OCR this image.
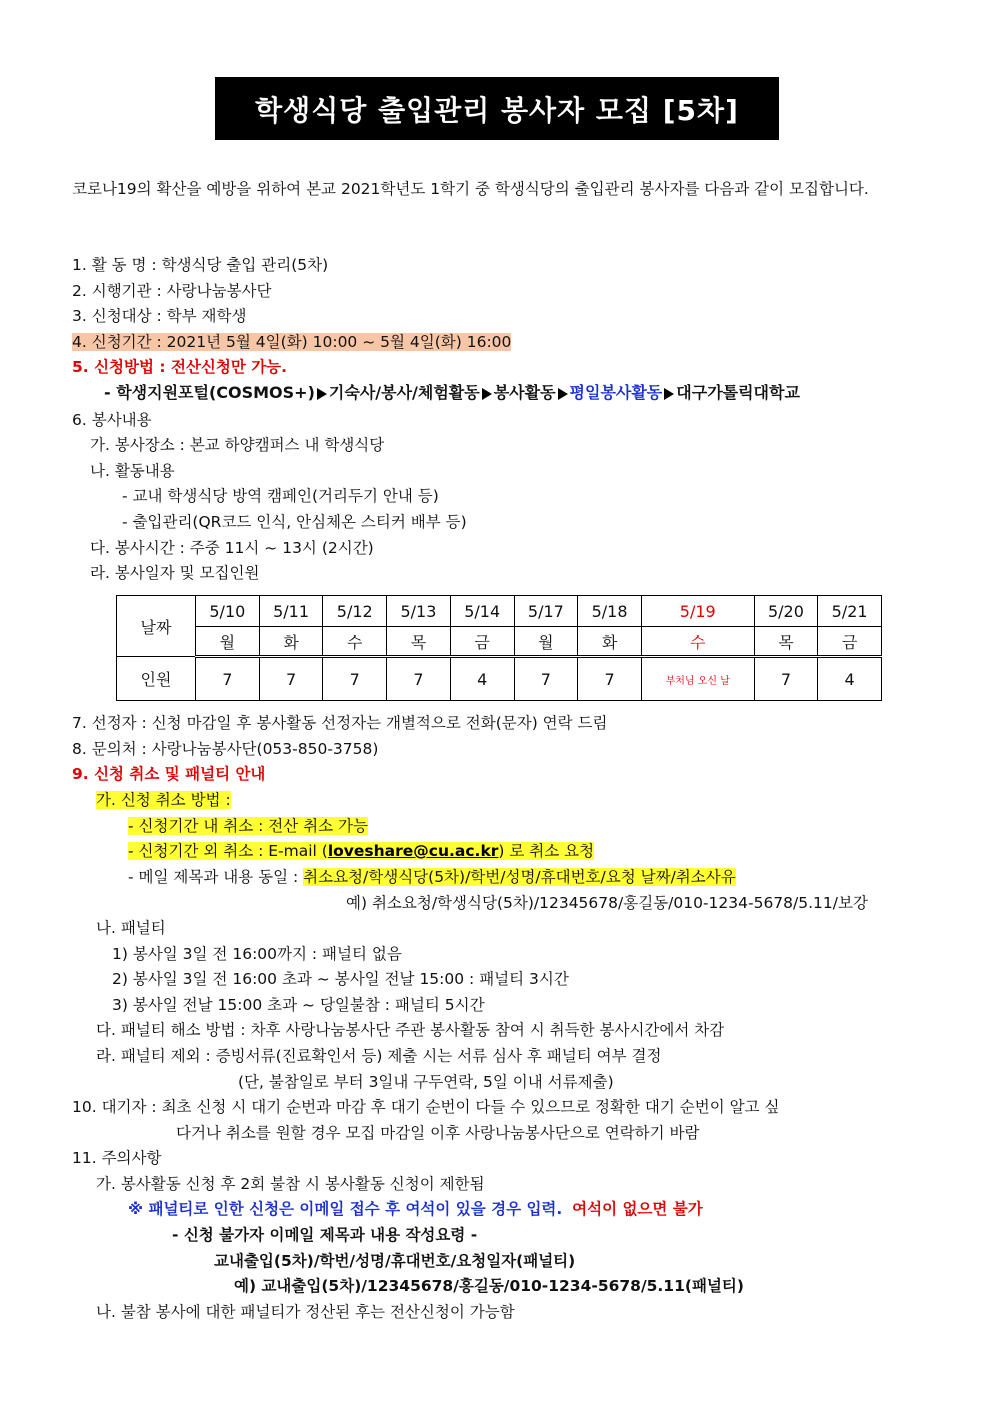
학생식당 출입관리 봉사자 모집 [5차]
코로나19의 확산을 예방을 위하여 본교 2021학년도 1학기 중 학생식당의 출입관리 봉사자를 다음과 같이 모집합니다.
1. 활 동 명 : 학생식당 출입 관리(5차)
2. 시행기관 : 사랑나눔봉사단
3. 신청대상 : 학부 재학생
4. 신청기간 : 2021년 5월 4일(화) 10:00 ~ 5월 4일(화) 16:00
5. 신청방법 : 전산신청만 가능.
- 학생지원포털(COSMOS+) 기숙사/봉사/체험활동 봉사활동 평일봉사활동 대구가톨릭대학교
6. 봉사내용
가. 봉사장소 : 본교 하양캠퍼스 내 학생식당
나. 활동내용
- 교내 학생식당 방역 캠페인(거리두기 안내 등)
- 출입관리(QR코드 인식, 안심체온 스티커 배부 등)
다. 봉사시간 : 주중 11시 ~ 13시 (2시간)
라. 봉사일자 및 모집인원
날짜	5/10	5/11	5/12	5/13	5/14	5/17	5/18	5/19	5/20	5/21
	월	화	수	목	금	월	화	수	목	금
인원	7	7	7	7	4	7	7	부처님 오신 날	7	4
7. 선정자 : 신청 마감일 후 봉사활동 선정자는 개별적으로 전화(문자) 연락 드림
8. 문의처 : 사랑나눔봉사단(053-850-3758)
9. 신청 취소 및 패널티 안내
가. 신청 취소 방법 :
- 신청기간 내 취소 : 전산 취소 가능
- 신청기간 외 취소 : E-mail (loveshare@cu.ac.kr) 로 취소 요청
- 메일 제목과 내용 동일 : 취소요청/학생식당(5차)/학번/성명/휴대번호/요청 날짜/취소사유
예) 취소요청/학생식당(5차)/12345678/홍길동/010-1234-5678/5.11/보강
나. 패널티
1) 봉사일 3일 전 16:00까지 : 패널티 없음
2) 봉사일 3일 전 16:00 초과 ~ 봉사일 전날 15:00 : 패널티 3시간
3) 봉사일 전날 15:00 초과 ~ 당일불참 : 패널티 5시간
다. 패널티 해소 방법 : 차후 사랑나눔봉사단 주관 봉사활동 참여 시 취득한 봉사시간에서 차감
라. 패널티 제외 : 증빙서류(진료확인서 등) 제출 시는 서류 심사 후 패널티 여부 결정
(단, 불참일로 부터 3일내 구두연락, 5일 이내 서류제출)
10. 대기자 : 최초 신청 시 대기 순번과 마감 후 대기 순번이 다들 수 있으므로 정확한 대기 순번이 알고 싶
다거나 취소를 원할 경우 모집 마감일 이후 사랑나눔봉사단으로 연락하기 바람
11. 주의사항
가. 봉사활동 신청 후 2회 불참 시 봉사활동 신청이 제한됨
※ 패널티로 인한 신청은 이메일 접수 후 여석이 있을 경우 입력. 여석이 없으면 불가
- 신청 불가자 이메일 제목과 내용 작성요령 -
교내출입(5차)/학번/성명/휴대번호/요청일자(패널티)
예) 교내출입(5차)/12345678/홍길동/010-1234-5678/5.11(패널티)
나. 불참 봉사에 대한 패널티가 정산된 후는 전산신청이 가능함
